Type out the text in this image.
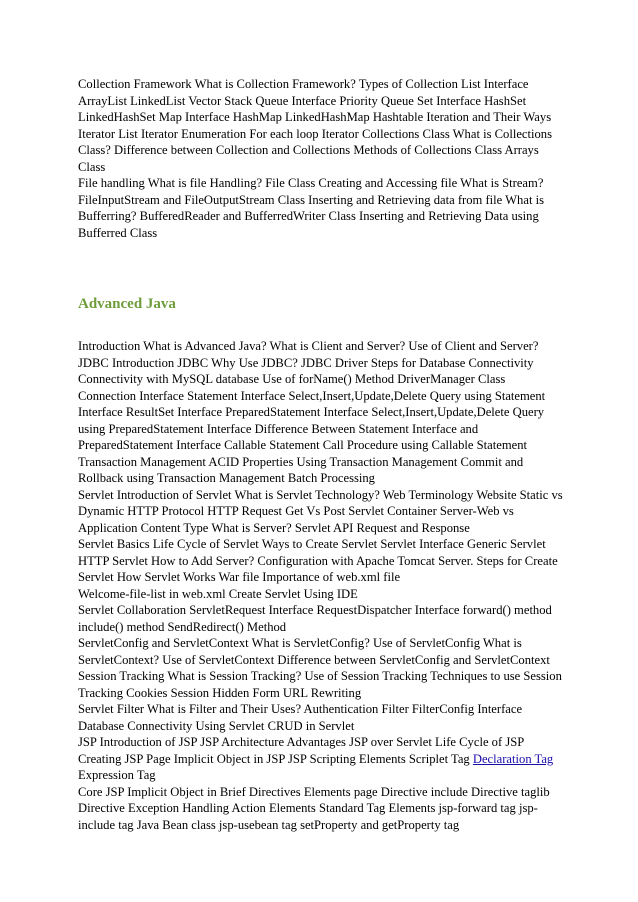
Collection Framework What is Collection Framework? Types of Collection List Interface ArrayList LinkedList Vector Stack Queue Interface Priority Queue Set Interface HashSet LinkedHashSet Map Interface HashMap LinkedHashMap Hashtable Iteration and Their Ways Iterator List Iterator Enumeration For each loop Iterator Collections Class What is Collections Class? Difference between Collection and Collections Methods of Collections Class Arrays Class

File handling What is file Handling? File Class Creating and Accessing file What is Stream? FileInputStream and FileOutputStream Class Inserting and Retrieving data from file What is Bufferring? BufferedReader and BufferredWriter Class Inserting and Retrieving Data using Bufferred Class

Advanced Java

Introduction What is Advanced Java? What is Client and Server? Use of Client and Server? JDBC Introduction JDBC Why Use JDBC? JDBC Driver Steps for Database Connectivity Connectivity with MySQL database Use of forName() Method DriverManager Class Connection Interface Statement Interface Select,Insert,Update,Delete Query using Statement Interface ResultSet Interface PreparedStatement Interface Select,Insert,Update,Delete Query using PreparedStatement Interface Difference Between Statement Interface and PreparedStatement Interface Callable Statement Call Procedure using Callable Statement Transaction Management ACID Properties Using Transaction Management Commit and Rollback using Transaction Management Batch Processing

Servlet Introduction of Servlet What is Servlet Technology? Web Terminology Website Static vs Dynamic HTTP Protocol HTTP Request Get Vs Post Servlet Container Server-Web vs Application Content Type What is Server? Servlet API Request and Response

Servlet Basics Life Cycle of Servlet Ways to Create Servlet Servlet Interface Generic Servlet HTTP Servlet How to Add Server? Configuration with Apache Tomcat Server. Steps for Create Servlet How Servlet Works War file Importance of web.xml file

Welcome-file-list in web.xml Create Servlet Using IDE

Servlet Collaboration ServletRequest Interface RequestDispatcher Interface forward() method include() method SendRedirect() Method

ServletConfig and ServletContext What is ServletConfig? Use of ServletConfig What is ServletContext? Use of ServletContext Difference between ServletConfig and ServletContext Session Tracking What is Session Tracking? Use of Session Tracking Techniques to use Session Tracking Cookies Session Hidden Form URL Rewriting

Servlet Filter What is Filter and Their Uses? Authentication Filter FilterConfig Interface Database Connectivity Using Servlet CRUD in Servlet

JSP Introduction of JSP JSP Architecture Advantages JSP over Servlet Life Cycle of JSP Creating JSP Page Implicit Object in JSP JSP Scripting Elements Scriplet Tag Declaration Tag Expression Tag

Core JSP Implicit Object in Brief Directives Elements page Directive include Directive taglib Directive Exception Handling Action Elements Standard Tag Elements jsp-forward tag jsp-include tag Java Bean class jsp-usebean tag setProperty and getProperty tag
